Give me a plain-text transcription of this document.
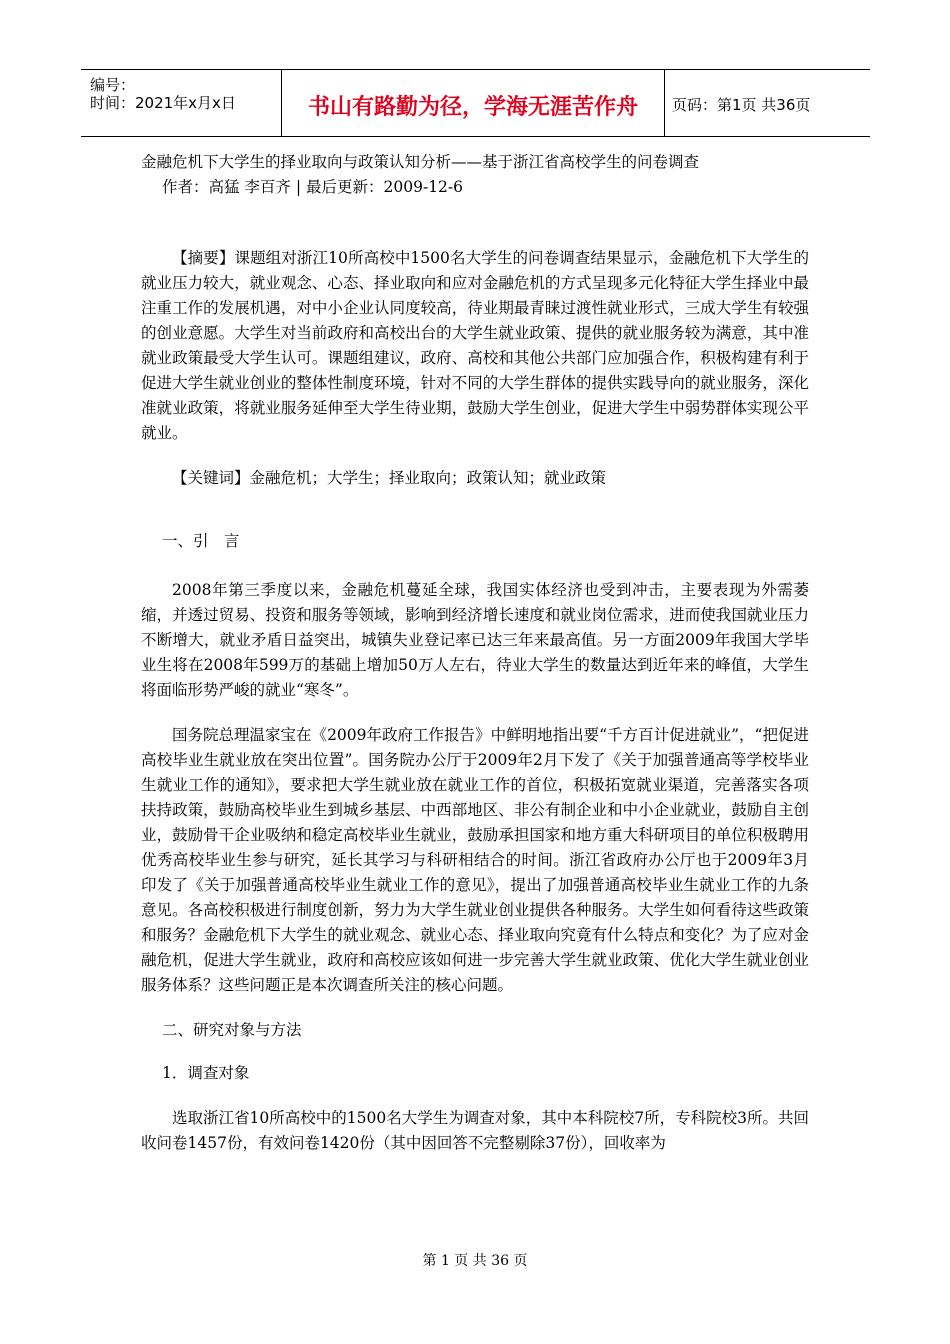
编号：
时间：2021年x月x日	书山有路勤为径，学海无涯苦作舟	页码：第1页 共36页
金融危机下大学生的择业取向与政策认知分析——基于浙江省高校学生的问卷调查
作者：高猛 李百齐 | 最后更新：2009-12-6

【摘要】课题组对浙江10所高校中1500名大学生的问卷调查结果显示，金融危机下大学生的就业压力较大，就业观念、心态、择业取向和应对金融危机的方式呈现多元化特征大学生择业中最注重工作的发展机遇，对中小企业认同度较高，待业期最青睐过渡性就业形式，三成大学生有较强的创业意愿。大学生对当前政府和高校出台的大学生就业政策、提供的就业服务较为满意，其中准就业政策最受大学生认可。课题组建议，政府、高校和其他公共部门应加强合作，积极构建有利于促进大学生就业创业的整体性制度环境，针对不同的大学生群体的提供实践导向的就业服务，深化准就业政策，将就业服务延伸至大学生待业期，鼓励大学生创业，促进大学生中弱势群体实现公平就业。

【关键词】金融危机；大学生；择业取向；政策认知；就业政策

一、引　言

2008年第三季度以来，金融危机蔓延全球，我国实体经济也受到冲击，主要表现为外需萎缩，并透过贸易、投资和服务等领域，影响到经济增长速度和就业岗位需求，进而使我国就业压力不断增大，就业矛盾日益突出，城镇失业登记率已达三年来最高值。另一方面2009年我国大学毕业生将在2008年599万的基础上增加50万人左右，待业大学生的数量达到近年来的峰值，大学生将面临形势严峻的就业“寒冬”。

国务院总理温家宝在《2009年政府工作报告》中鲜明地指出要“千方百计促进就业”，“把促进高校毕业生就业放在突出位置”。国务院办公厅于2009年2月下发了《关于加强普通高等学校毕业生就业工作的通知》，要求把大学生就业放在就业工作的首位，积极拓宽就业渠道，完善落实各项扶持政策，鼓励高校毕业生到城乡基层、中西部地区、非公有制企业和中小企业就业，鼓励自主创业，鼓励骨干企业吸纳和稳定高校毕业生就业，鼓励承担国家和地方重大科研项目的单位积极聘用优秀高校毕业生参与研究，延长其学习与科研相结合的时间。浙江省政府办公厅也于2009年3月印发了《关于加强普通高校毕业生就业工作的意见》，提出了加强普通高校毕业生就业工作的九条意见。各高校积极进行制度创新，努力为大学生就业创业提供各种服务。大学生如何看待这些政策和服务？金融危机下大学生的就业观念、就业心态、择业取向究竟有什么特点和变化？为了应对金融危机，促进大学生就业，政府和高校应该如何进一步完善大学生就业政策、优化大学生就业创业服务体系？这些问题正是本次调查所关注的核心问题。

二、研究对象与方法
1．调查对象

选取浙江省10所高校中的1500名大学生为调查对象，其中本科院校7所，专科院校3所。共回收问卷1457份，有效问卷1420份（其中因回答不完整剔除37份），回收率为

第 1 页 共 36 页
